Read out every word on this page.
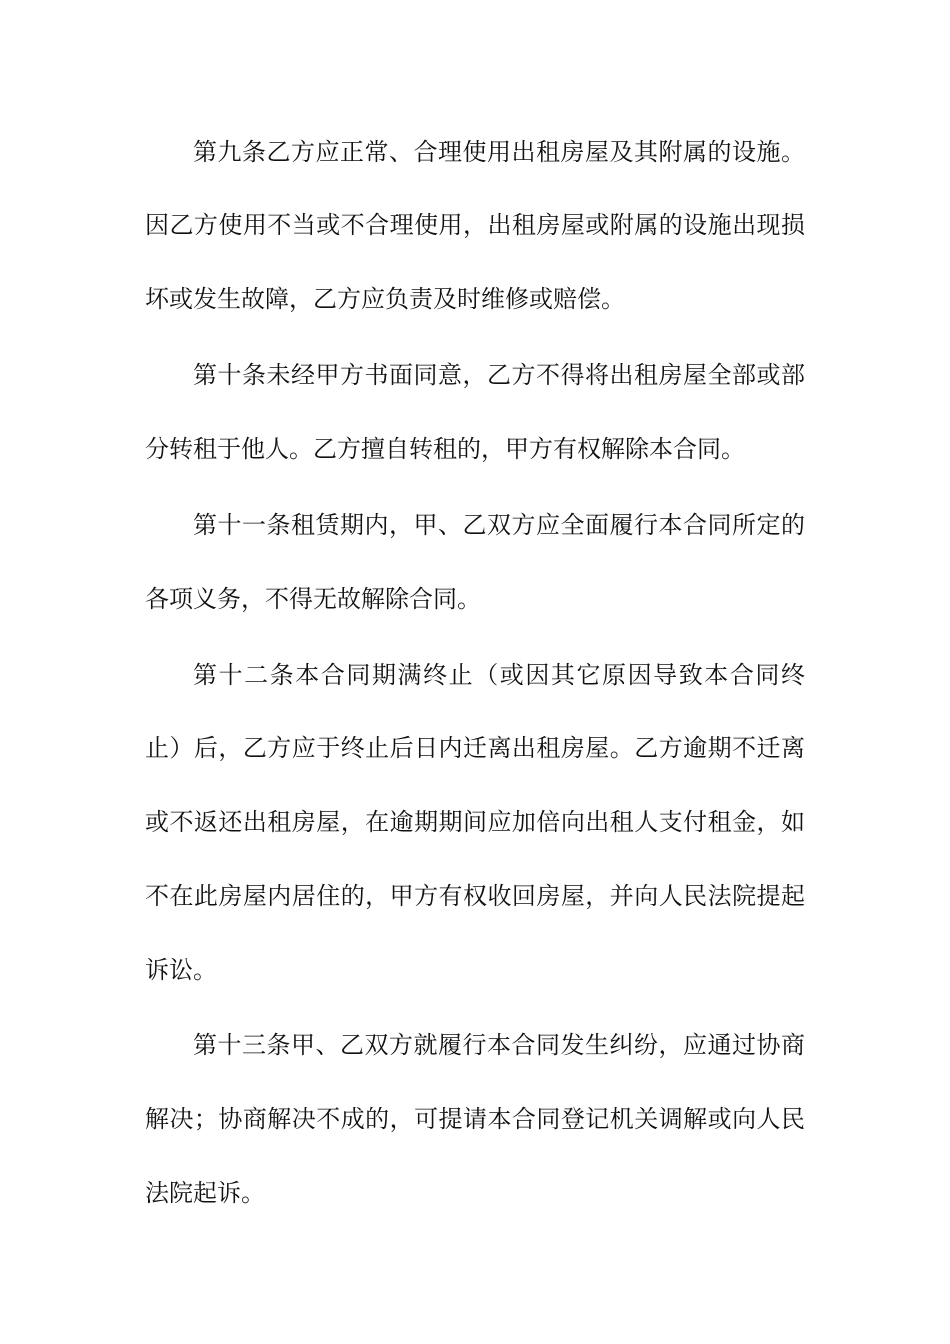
第九条乙方应正常、合理使用出租房屋及其附属的设施。
因乙方使用不当或不合理使用，出租房屋或附属的设施出现损
坏或发生故障，乙方应负责及时维修或赔偿。
第十条未经甲方书面同意，乙方不得将出租房屋全部或部
分转租于他人。乙方擅自转租的，甲方有权解除本合同。
第十一条租赁期内，甲、乙双方应全面履行本合同所定的
各项义务，不得无故解除合同。
第十二条本合同期满终止（或因其它原因导致本合同终
止）后，乙方应于终止后日内迁离出租房屋。乙方逾期不迁离
或不返还出租房屋，在逾期期间应加倍向出租人支付租金，如
不在此房屋内居住的，甲方有权收回房屋，并向人民法院提起
诉讼。
第十三条甲、乙双方就履行本合同发生纠纷，应通过协商
解决；协商解决不成的，可提请本合同登记机关调解或向人民
法院起诉。
